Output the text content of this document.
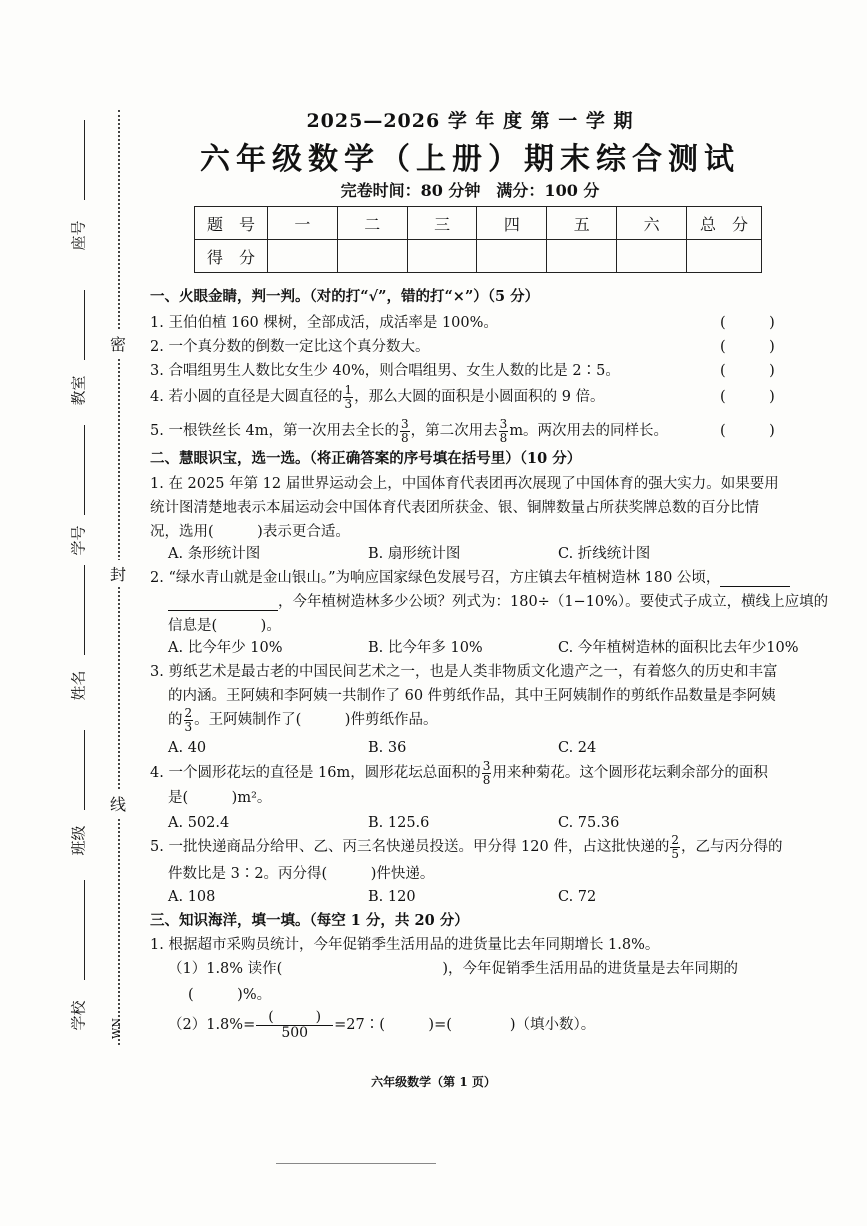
密
封
线
座号
教室
学号
姓名
班级
学校 WN
2025—2026 学 年 度 第 一 学 期
六年级数学（上册）期末综合测试
完卷时间：80 分钟　满分：100 分
题　号	一	二	三	四	五	六	总　分
得　分							
一、火眼金睛，判一判。（对的打“√”，错的打“×”）（5 分）
1. 王伯伯植 160 棵树，全部成活，成活率是 100%。	(　　　)
2. 一个真分数的倒数一定比这个真分数大。	(　　　)
3. 合唱组男生人数比女生少 40%，则合唱组男、女生人数的比是 2∶5。	(　　　)
4. 若小圆的直径是大圆直径的 $\frac{1}{3}$ ，那么大圆的面积是小圆面积的 9 倍。	(　　　)
5. 一根铁丝长 4m，第一次用去全长的 $\frac{3}{8}$ ，第二次用去 $\frac{3}{8}$ m。两次用去的同样长。	(　　　)
二、慧眼识宝，选一选。（将正确答案的序号填在括号里）（10 分）
1. 在 2025 年第 12 届世界运动会上，中国体育代表团再次展现了中国体育的强大实力。如果要用
统计图清楚地表示本届运动会中国体育代表团所获金、银、铜牌数量占所获奖牌总数的百分比情
况，选用(　　　)表示更合适。
A. 条形统计图	B. 扇形统计图	C. 折线统计图
2. “绿水青山就是金山银山。”为响应国家绿色发展号召，方庄镇去年植树造林 180 公顷，
，今年植树造林多少公顷？列式为：180÷（1−10%）。要使式子成立，横线上应填的
信息是(　　　)。
A. 比今年少 10%	B. 比今年多 10%	C. 今年植树造林的面积比去年少10%
3. 剪纸艺术是最古老的中国民间艺术之一，也是人类非物质文化遗产之一，有着悠久的历史和丰富
的内涵。王阿姨和李阿姨一共制作了 60 件剪纸作品，其中王阿姨制作的剪纸作品数量是李阿姨
的 $\frac{2}{3}$ 。王阿姨制作了(　　　)件剪纸作品。
A. 40	B. 36	C. 24
4. 一个圆形花坛的直径是 16m，圆形花坛总面积的 $\frac{3}{8}$ 用来种菊花。这个圆形花坛剩余部分的面积
是(　　　)m²。
A. 502.4	B. 125.6	C. 75.36
5. 一批快递商品分给甲、乙、丙三名快递员投送。甲分得 120 件，占这批快递的 $\frac{2}{5}$ ，乙与丙分得的
件数比是 3∶2。丙分得(　　　)件快递。
A. 108	B. 120	C. 72
三、知识海洋，填一填。（每空 1 分，共 20 分）
1. 根据超市采购员统计，今年促销季生活用品的进货量比去年同期增长 1.8%。
（1）1.8% 读作(	)，今年促销季生活用品的进货量是去年同期的
(　　　)%。
$(2)1.8\%= \frac{( )}{500}$ =27∶(　　　)=(　　　　)（填小数）。
六年级数学（第 1 页）
